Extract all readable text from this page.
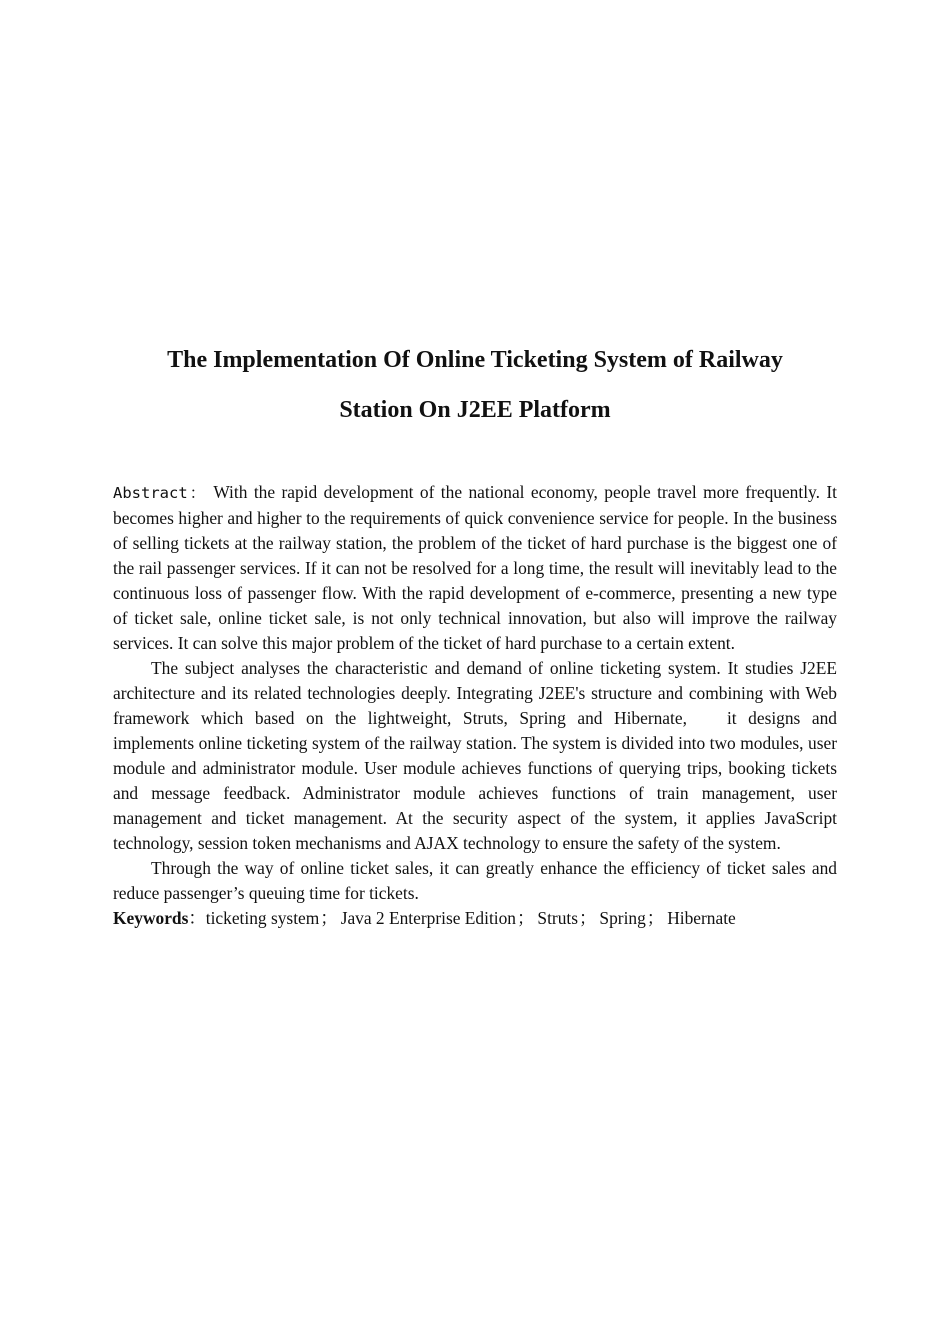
The Implementation Of Online Ticketing System of Railway
Station On J2EE Platform

Abstract： With the rapid development of the national economy, people travel more frequently. It becomes higher and higher to the requirements of quick convenience service for people. In the business of selling tickets at the railway station, the problem of the ticket of hard purchase is the biggest one of the rail passenger services. If it can not be resolved for a long time, the result will inevitably lead to the continuous loss of passenger flow. With the rapid development of e-commerce, presenting a new type of ticket sale, online ticket sale, is not only technical innovation, but also will improve the railway services. It can solve this major problem of the ticket of hard purchase to a certain extent.

The subject analyses the characteristic and demand of online ticketing system. It studies J2EE architecture and its related technologies deeply. Integrating J2EE's structure and combining with Web framework which based on the lightweight, Struts, Spring and Hibernate, it designs and implements online ticketing system of the railway station. The system is divided into two modules, user module and administrator module. User module achieves functions of querying trips, booking tickets and message feedback. Administrator module achieves functions of train management, user management and ticket management. At the security aspect of the system, it applies JavaScript technology, session token mechanisms and AJAX technology to ensure the safety of the system.

Through the way of online ticket sales, it can greatly enhance the efficiency of ticket sales and reduce passenger’s queuing time for tickets.

Keywords：ticketing system； Java 2 Enterprise Edition； Struts； Spring； Hibernate
